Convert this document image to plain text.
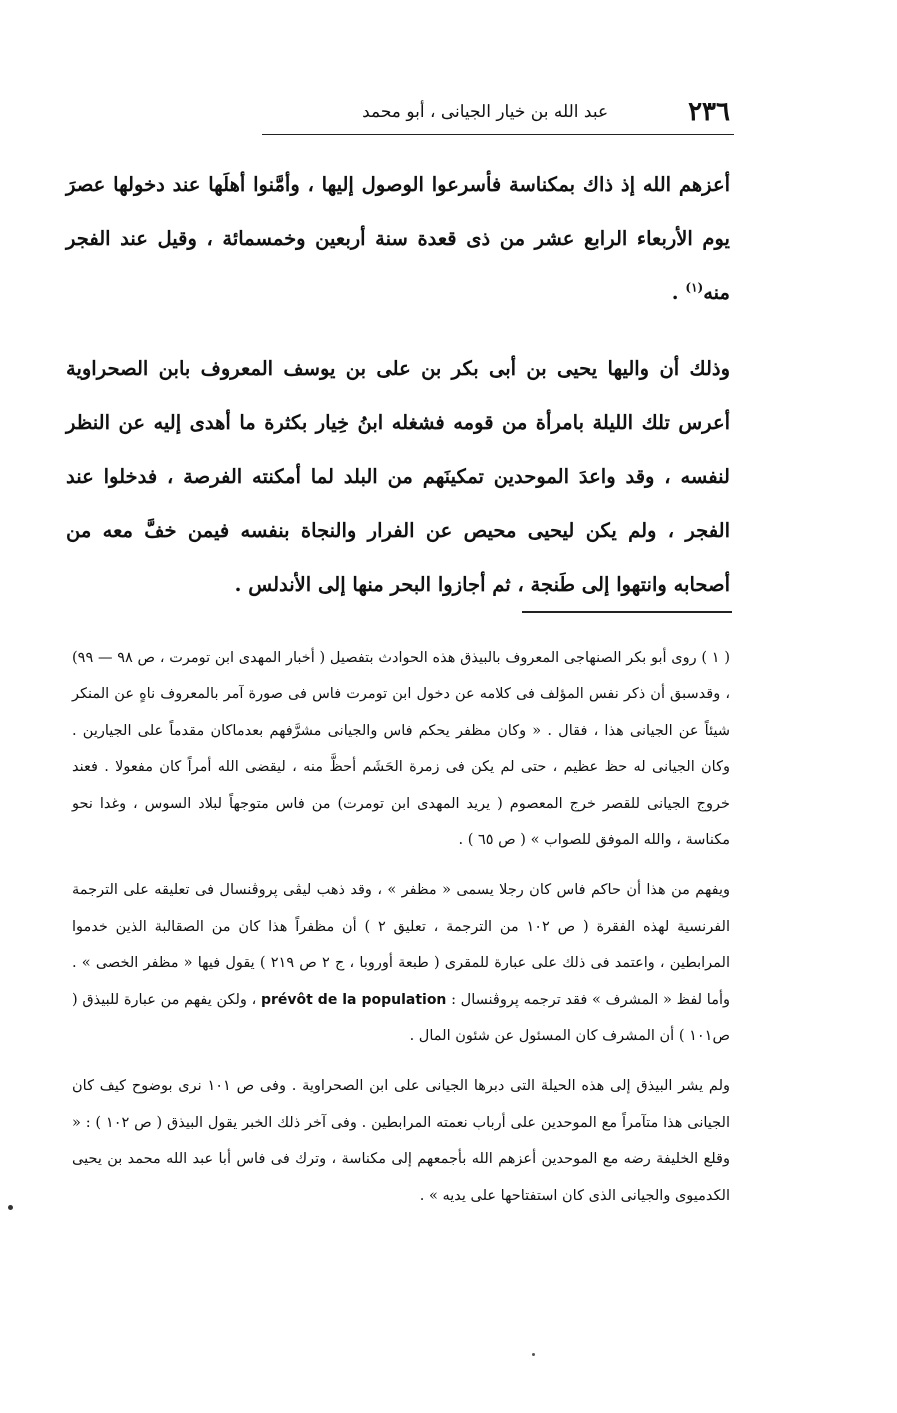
٢٣٦
عبد الله بن خيار الجيانى ، أبو محمد

أعزهم الله إذ ذاك بمكناسة فأسرعوا الوصول إليها ، وأمَّنوا أهلَها عند دخولها عصرَ يوم الأربعاء الرابع عشر من ذى قعدة سنة أربعين وخمسمائة ، وقيل عند الفجر منه$^{(١)}$ .

وذلك أن واليها يحيى بن أبى بكر بن على بن يوسف المعروف بابن الصحراوية أعرس تلك الليلة بامرأة من قومه فشغله ابنُ خِيار بكثرة ما أهدى إليه عن النظر لنفسه ، وقد واعدَ الموحدين تمكينَهم من البلد لما أمكنته الفرصة ، فدخلوا عند الفجر ، ولم يكن ليحيى محيص عن الفرار والنجاة بنفسه فيمن خفَّ معه من أصحابه وانتهوا إلى طَنجة ، ثم أجازوا البحر منها إلى الأندلس .

( ١ ) روى أبو بكر الصنهاجى المعروف بالبيذق هذه الحوادث بتفصيل ( أخبار المهدى ابن تومرت ، ص ٩٨ — ٩٩) ، وقدسبق أن ذكر نفس المؤلف فى كلامه عن دخول ابن تومرت فاس فى صورة آمر بالمعروف ناهٍ عن المنكر شيئاً عن الجيانى هذا ، فقال . « وكان مظفر يحكم فاس والجيانى مشرَّفهم بعدماكان مقدماً على الجيارين . وكان الجيانى له حظ عظيم ، حتى لم يكن فى زمرة الحَشَم أحظَّ منه ، ليقضى الله أمراً كان مفعولا . فعند خروج الجيانى للقصر خرج المعصوم ( يريد المهدى ابن تومرت) من فاس متوجهاً لبلاد السوس ، وغدا نحو مكناسة ، والله الموفق للصواب » ( ص ٦٥ ) .

ويفهم من هذا أن حاكم فاس كان رجلا يسمى « مظفر » ، وقد ذهب ليڤى پروڤنسال فى تعليقه على الترجمة الفرنسية لهذه الفقرة ( ص ١٠٢ من الترجمة ، تعليق ٢ ) أن مظفراً هذا كان من الصقالبة الذين خدموا المرابطين ، واعتمد فى ذلك على عبارة للمقرى ( طبعة أوروبا ، ج ٢ ص ٢١٩ ) يقول فيها « مظفر الخصى » . وأما لفظ « المشرف » فقد ترجمه پروڤنسال : prévôt de la population ، ولكن يفهم من عبارة للبيذق ( ص١٠١ ) أن المشرف كان المسئول عن شئون المال .

ولم يشر البيذق إلى هذه الحيلة التى دبرها الجيانى على ابن الصحراوية . وفى ص ١٠١ نرى بوضوح كيف كان الجيانى هذا متآمراً مع الموحدين على أرباب نعمته المرابطين . وفى آخر ذلك الخبر يقول البيذق ( ص ١٠٢ ) : « وقلع الخليفة رضه مع الموحدين أعزهم الله بأجمعهم إلى مكناسة ، وترك فى فاس أبا عبد الله محمد بن يحيى الكدميوى والجيانى الذى كان استفتاحها على يديه » .
